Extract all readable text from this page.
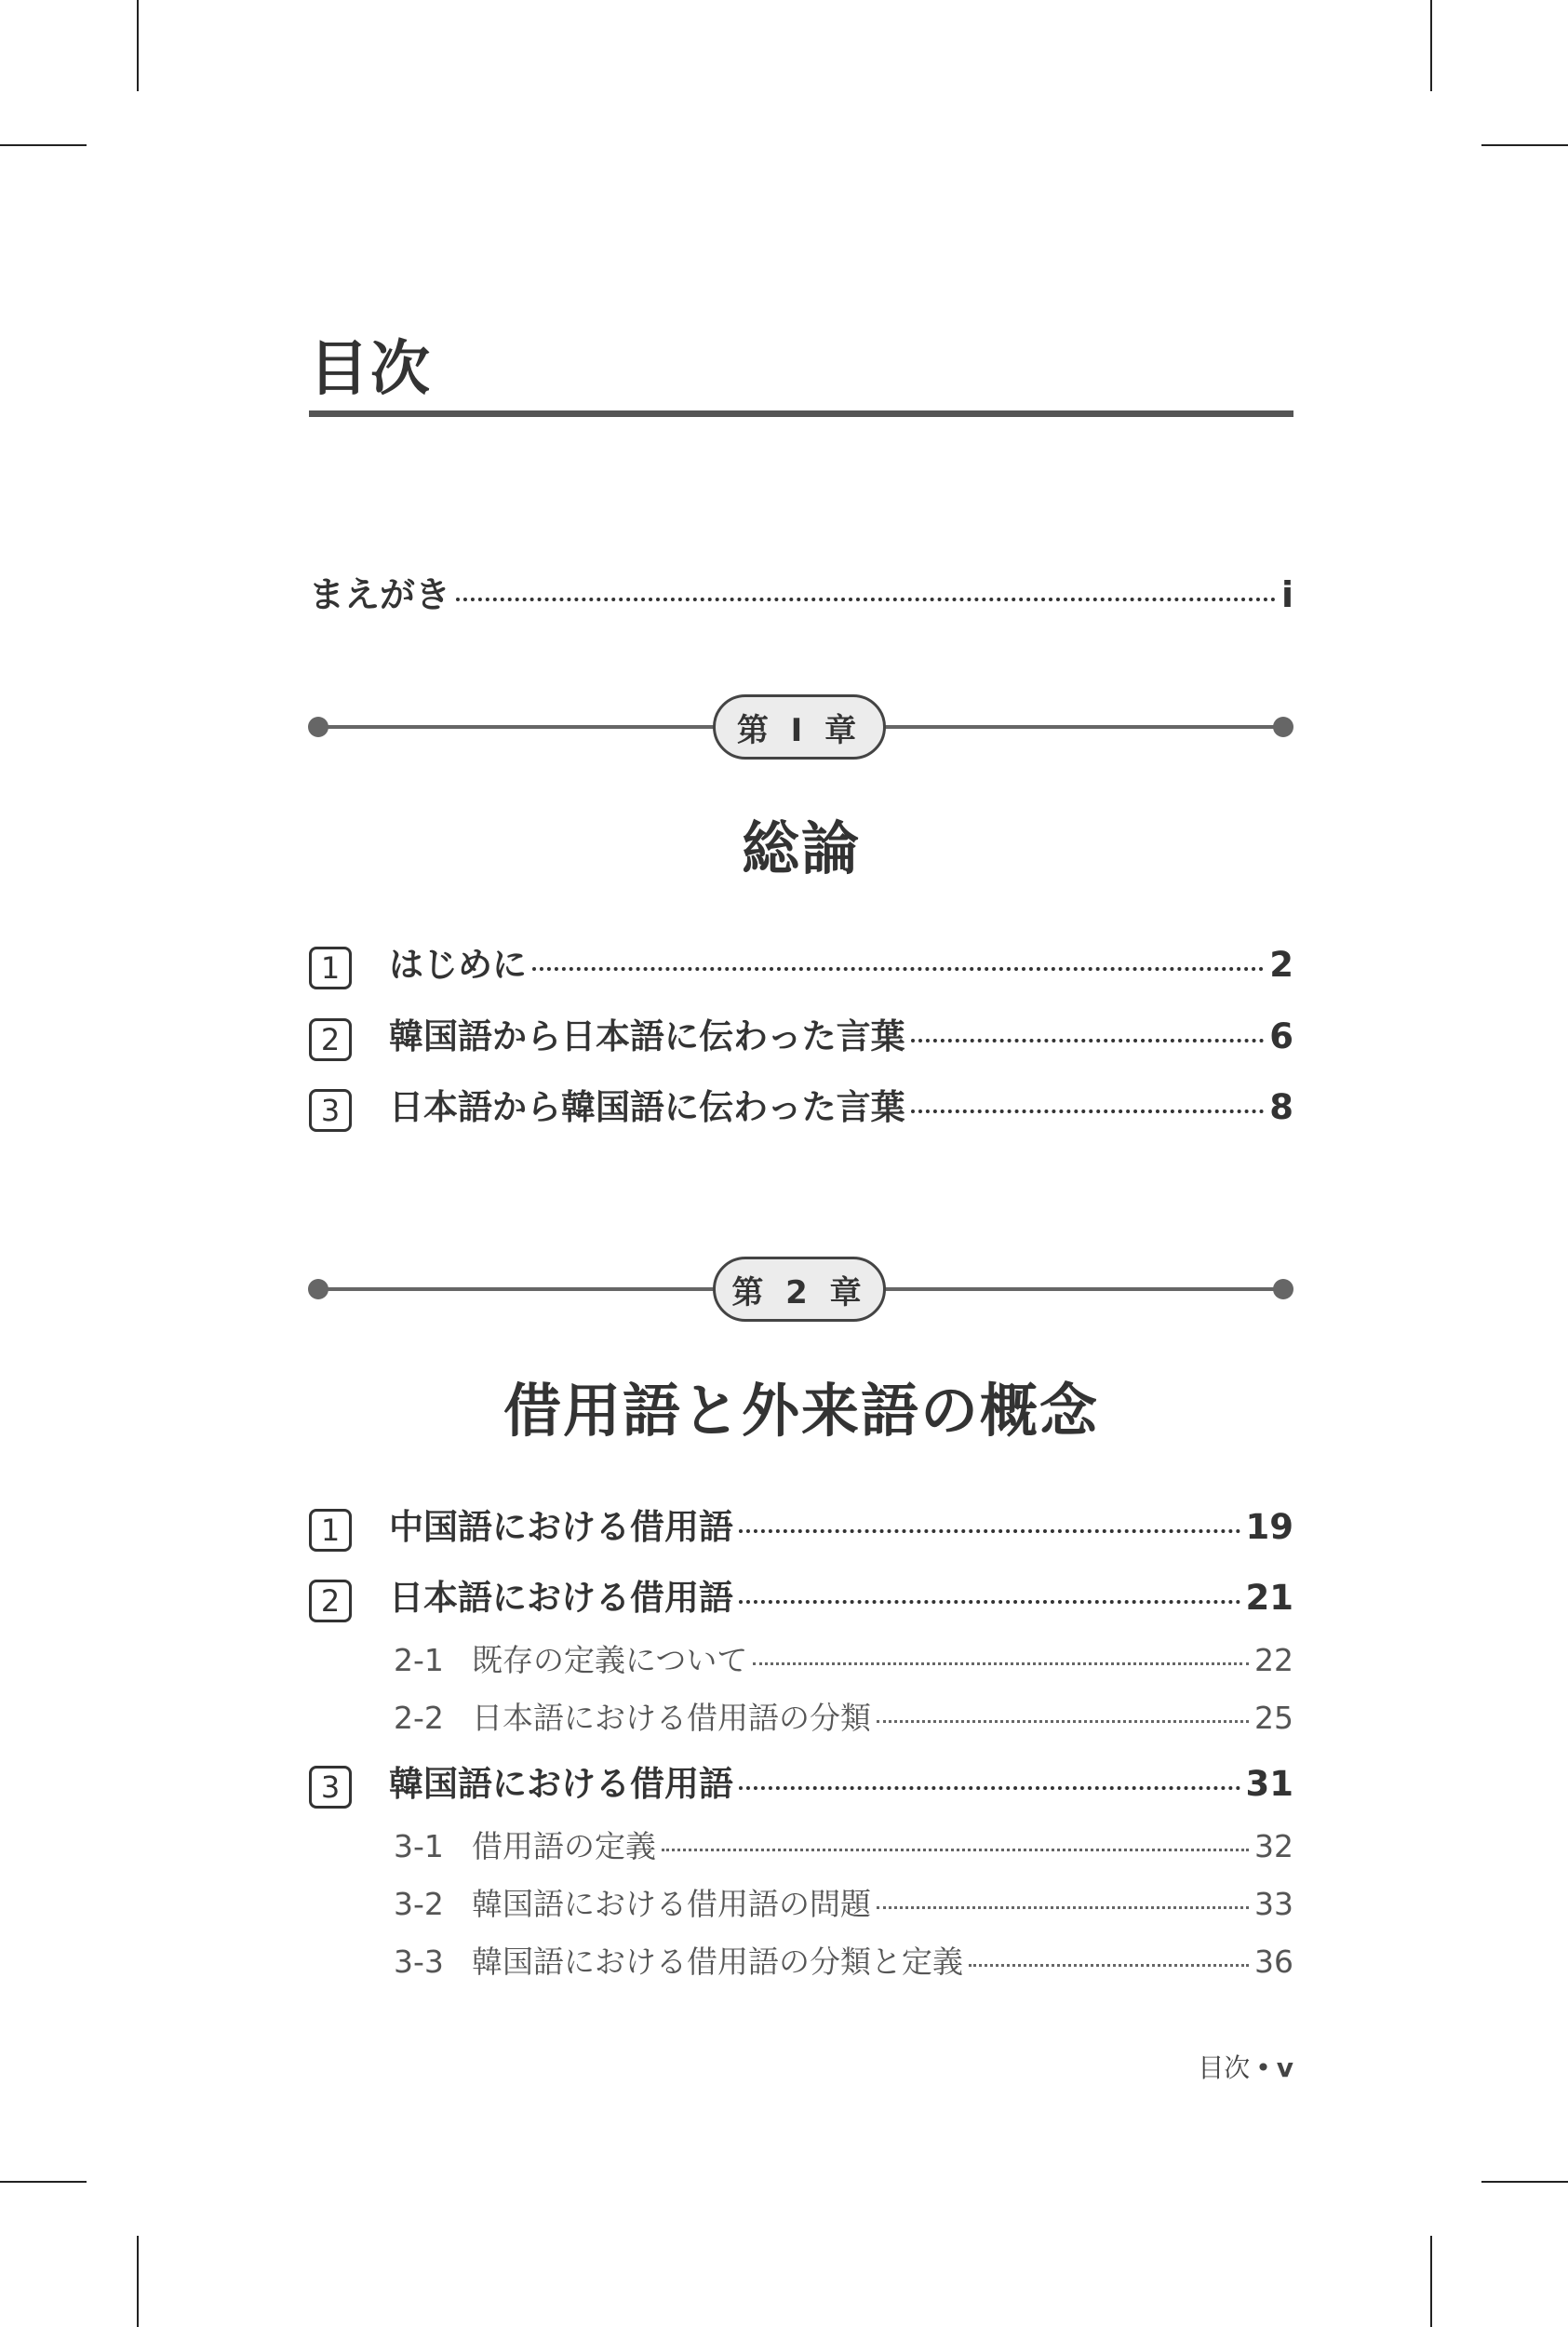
目次
まえがき	i
第 I 章
総論
1	はじめに	2
2	韓国語から日本語に伝わった言葉	6
3	日本語から韓国語に伝わった言葉	8
第 2 章
借用語と外来語の概念
1	中国語における借用語	19
2	日本語における借用語	21
2-1 既存の定義について	22
2-2 日本語における借用語の分類	25
3	韓国語における借用語	31
3-1 借用語の定義	32
3-2 韓国語における借用語の問題	33
3-3 韓国語における借用語の分類と定義	36
目次 • v
